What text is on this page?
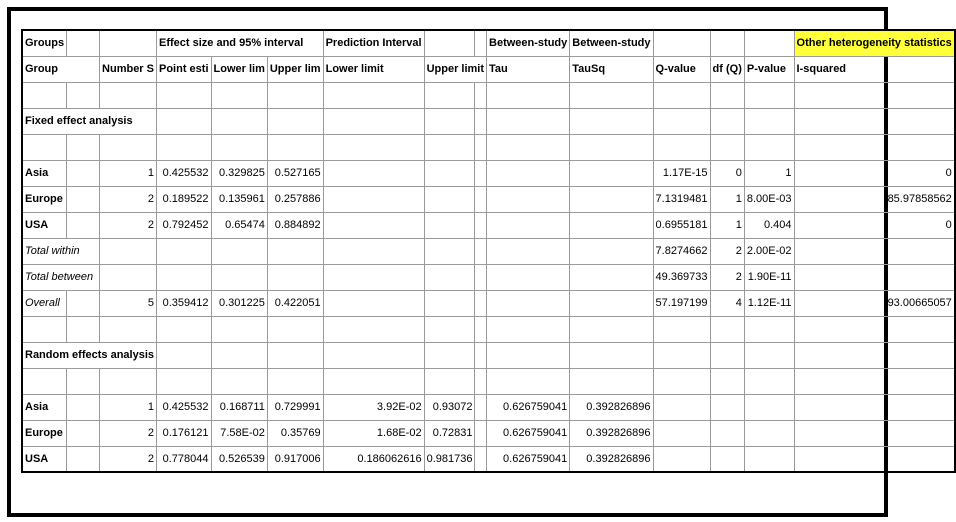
Groups			Effect size and 95% interval			Prediction Interval			Between-study	Between-study				Other heterogeneity statistics
Group		Number S	Point esti	Lower lim	Upper lim	Lower limit	Upper limit		Tau	TauSq	Q-value	df (Q)	P-value	I-squared

Fixed effect analysis														

Asia		1	0.425532	0.329825	0.527165						1.17E-15	0	1	0
Europe		2	0.189522	0.135961	0.257886						7.1319481	1	8.00E-03	85.97858562
USA		2	0.792452	0.65474	0.884892						0.6955181	1	0.404	0
Total within											7.8274662	2	2.00E-02	
Total between											49.369733	2	1.90E-11	
Overall		5	0.359412	0.301225	0.422051						57.197199	4	1.12E-11	93.00665057

Random effects analysis														

Asia		1	0.425532	0.168711	0.729991	3.92E-02	0.93072		0.626759041	0.392826896				
Europe		2	0.176121	7.58E-02	0.35769	1.68E-02	0.72831		0.626759041	0.392826896				
USA		2	0.778044	0.526539	0.917006	0.186062616	0.981736		0.626759041	0.392826896				
